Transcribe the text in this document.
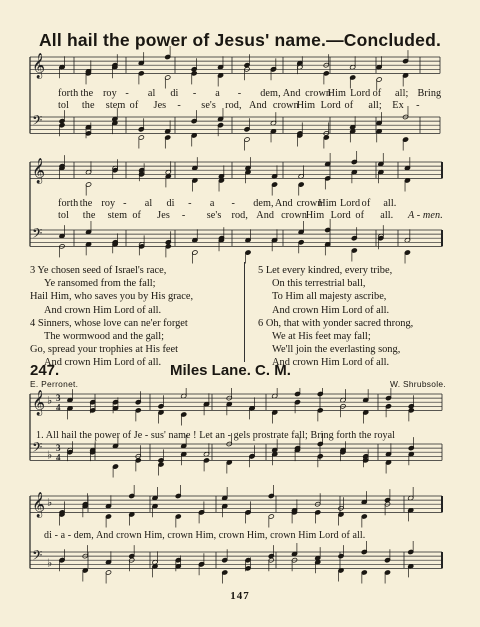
All hail the power of Jesus' name.—Concluded.
𝄞
𝄢
forth the roy - al di - a - dem, And crown
Him Lord of all; Bring
tol the stem of Jes - se's rod, And crown
Him Lord of all; Ex -
𝄞
𝄢
forth the roy - al di - a - dem, And crown
Him Lord of all.
tol the stem of Jes - se's rod, And crown
Him Lord of all. A - men.
3 Ye chosen seed of Israel's race,
Ye ransomed from the fall;
Hail Him, who saves you by His grace,
And crown Him Lord of all.
4 Sinners, whose love can ne'er forget
The wormwood and the gall;
Go, spread your trophies at His feet
And crown Him Lord of all.
5 Let every kindred, every tribe,
On this terrestrial ball,
To Him all majesty ascribe,
And crown Him Lord of all.
6 Oh, that with yonder sacred throng,
We at His feet may fall;
We'll join the everlasting song,
And crown Him Lord of all.
247.	Miles Lane. C. M.
E. Perronet.	W. Shrubsole.
𝄞
𝄢
♭
♭
3
4
3
4
1. All hail the power of Je - sus' name ! Let an - gels prostrate fall; Bring forth the royal
𝄞
𝄢
♭
♭
di - a - dem, And crown Him, crown Him, crown Him, crown Him Lord of all.
147
